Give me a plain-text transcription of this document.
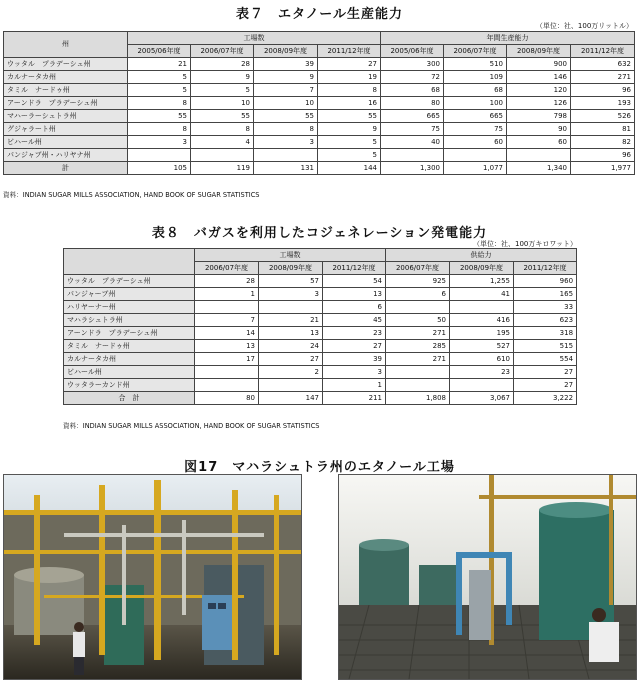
表７　エタノール生産能力
（単位：社、100万リットル）
州	工場数				年間生産能力			
	2005/06年度	2006/07年度	2008/09年度	2011/12年度	2005/06年度	2006/07年度	2008/09年度	2011/12年度
ウッタル　プラデーシュ州	21	28	39	27	300	510	900	632
カルナータカ州	5	9	9	19	72	109	146	271
タミル　ナードゥ州	5	5	7	8	68	68	120	96
アーンドラ　プラデーシュ州	8	10	10	16	80	100	126	193
マハーラーシュトラ州	55	55	55	55	665	665	798	526
グジャラート州	8	8	8	9	75	75	90	81
ビハール州	3	4	3	5	40	60	60	82
パンジャブ州・ハリヤナ州				5				96
計	105	119	131	144	1,300	1,077	1,340	1,977
資料：INDIAN SUGAR MILLS ASSOCIATION, HAND BOOK OF SUGAR STATISTICS
表８　バガスを利用したコジェネレーション発電能力
（単位：社、100万キロワット）
	工場数			供給力		
	2006/07年度	2008/09年度	2011/12年度	2006/07年度	2008/09年度	2011/12年度
ウッタル　プラデーシュ州	28	57	54	925	1,255	960
パンジャーブ州	1	3	13	6	41	165
ハリヤーナー州			6			33
マハラシュトラ州	7	21	45	50	416	623
アーンドラ　プラデーシュ州	14	13	23	271	195	318
タミル　ナードゥ州	13	24	27	285	527	515
カルナータカ州	17	27	39	271	610	554
ビハール州		2	3		23	27
ウッタラーカンド州			1			27
合　計	80	147	211	1,808	3,067	3,222
資料：INDIAN SUGAR MILLS ASSOCIATION, HAND BOOK OF SUGAR STATISTICS
図17　マハラシュトラ州のエタノール工場
